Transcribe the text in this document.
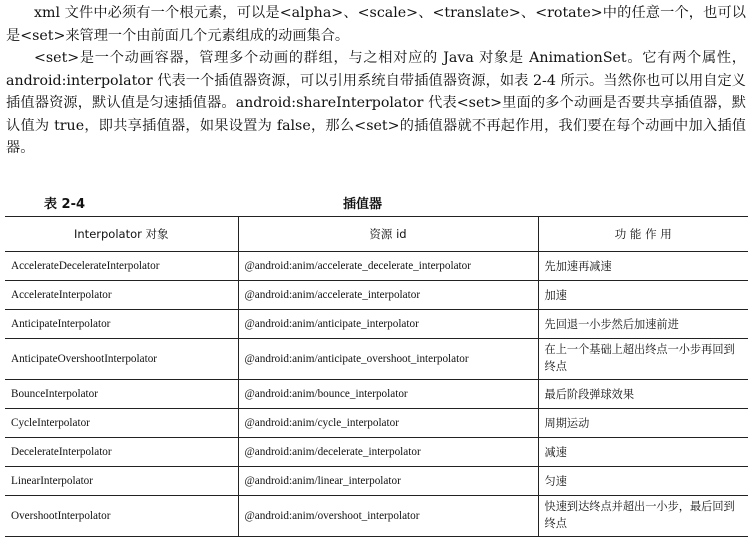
xml 文件中必须有一个根元素，可以是<alpha>、<scale>、<translate>、<rotate>中的任意一个，也可以是<set>来管理一个由前面几个元素组成的动画集合。

<set>是一个动画容器，管理多个动画的群组，与之相对应的 Java 对象是 AnimationSet。它有两个属性，android:interpolator 代表一个插值器资源，可以引用系统自带插值器资源，如表 2-4 所示。当然你也可以用自定义插值器资源，默认值是匀速插值器。android:shareInterpolator 代表<set>里面的多个动画是否要共享插值器，默认值为 true，即共享插值器，如果设置为 false，那么<set>的插值器就不再起作用，我们要在每个动画中加入插值器。

表 2-4	插值器
Interpolator 对象	资源 id	功 能 作 用
AccelerateDecelerateInterpolator	@android:anim/accelerate_decelerate_interpolator	先加速再减速
AccelerateInterpolator	@android:anim/accelerate_interpolator	加速
AnticipateInterpolator	@android:anim/anticipate_interpolator	先回退一小步然后加速前进
AnticipateOvershootInterpolator	@android:anim/anticipate_overshoot_interpolator	在上一个基础上超出终点一小步再回到终点
BounceInterpolator	@android:anim/bounce_interpolator	最后阶段弹球效果
CycleInterpolator	@android:anim/cycle_interpolator	周期运动
DecelerateInterpolator	@android:anim/decelerate_interpolator	减速
LinearInterpolator	@android:anim/linear_interpolator	匀速
OvershootInterpolator	@android:anim/overshoot_interpolator	快速到达终点并超出一小步，最后回到终点
